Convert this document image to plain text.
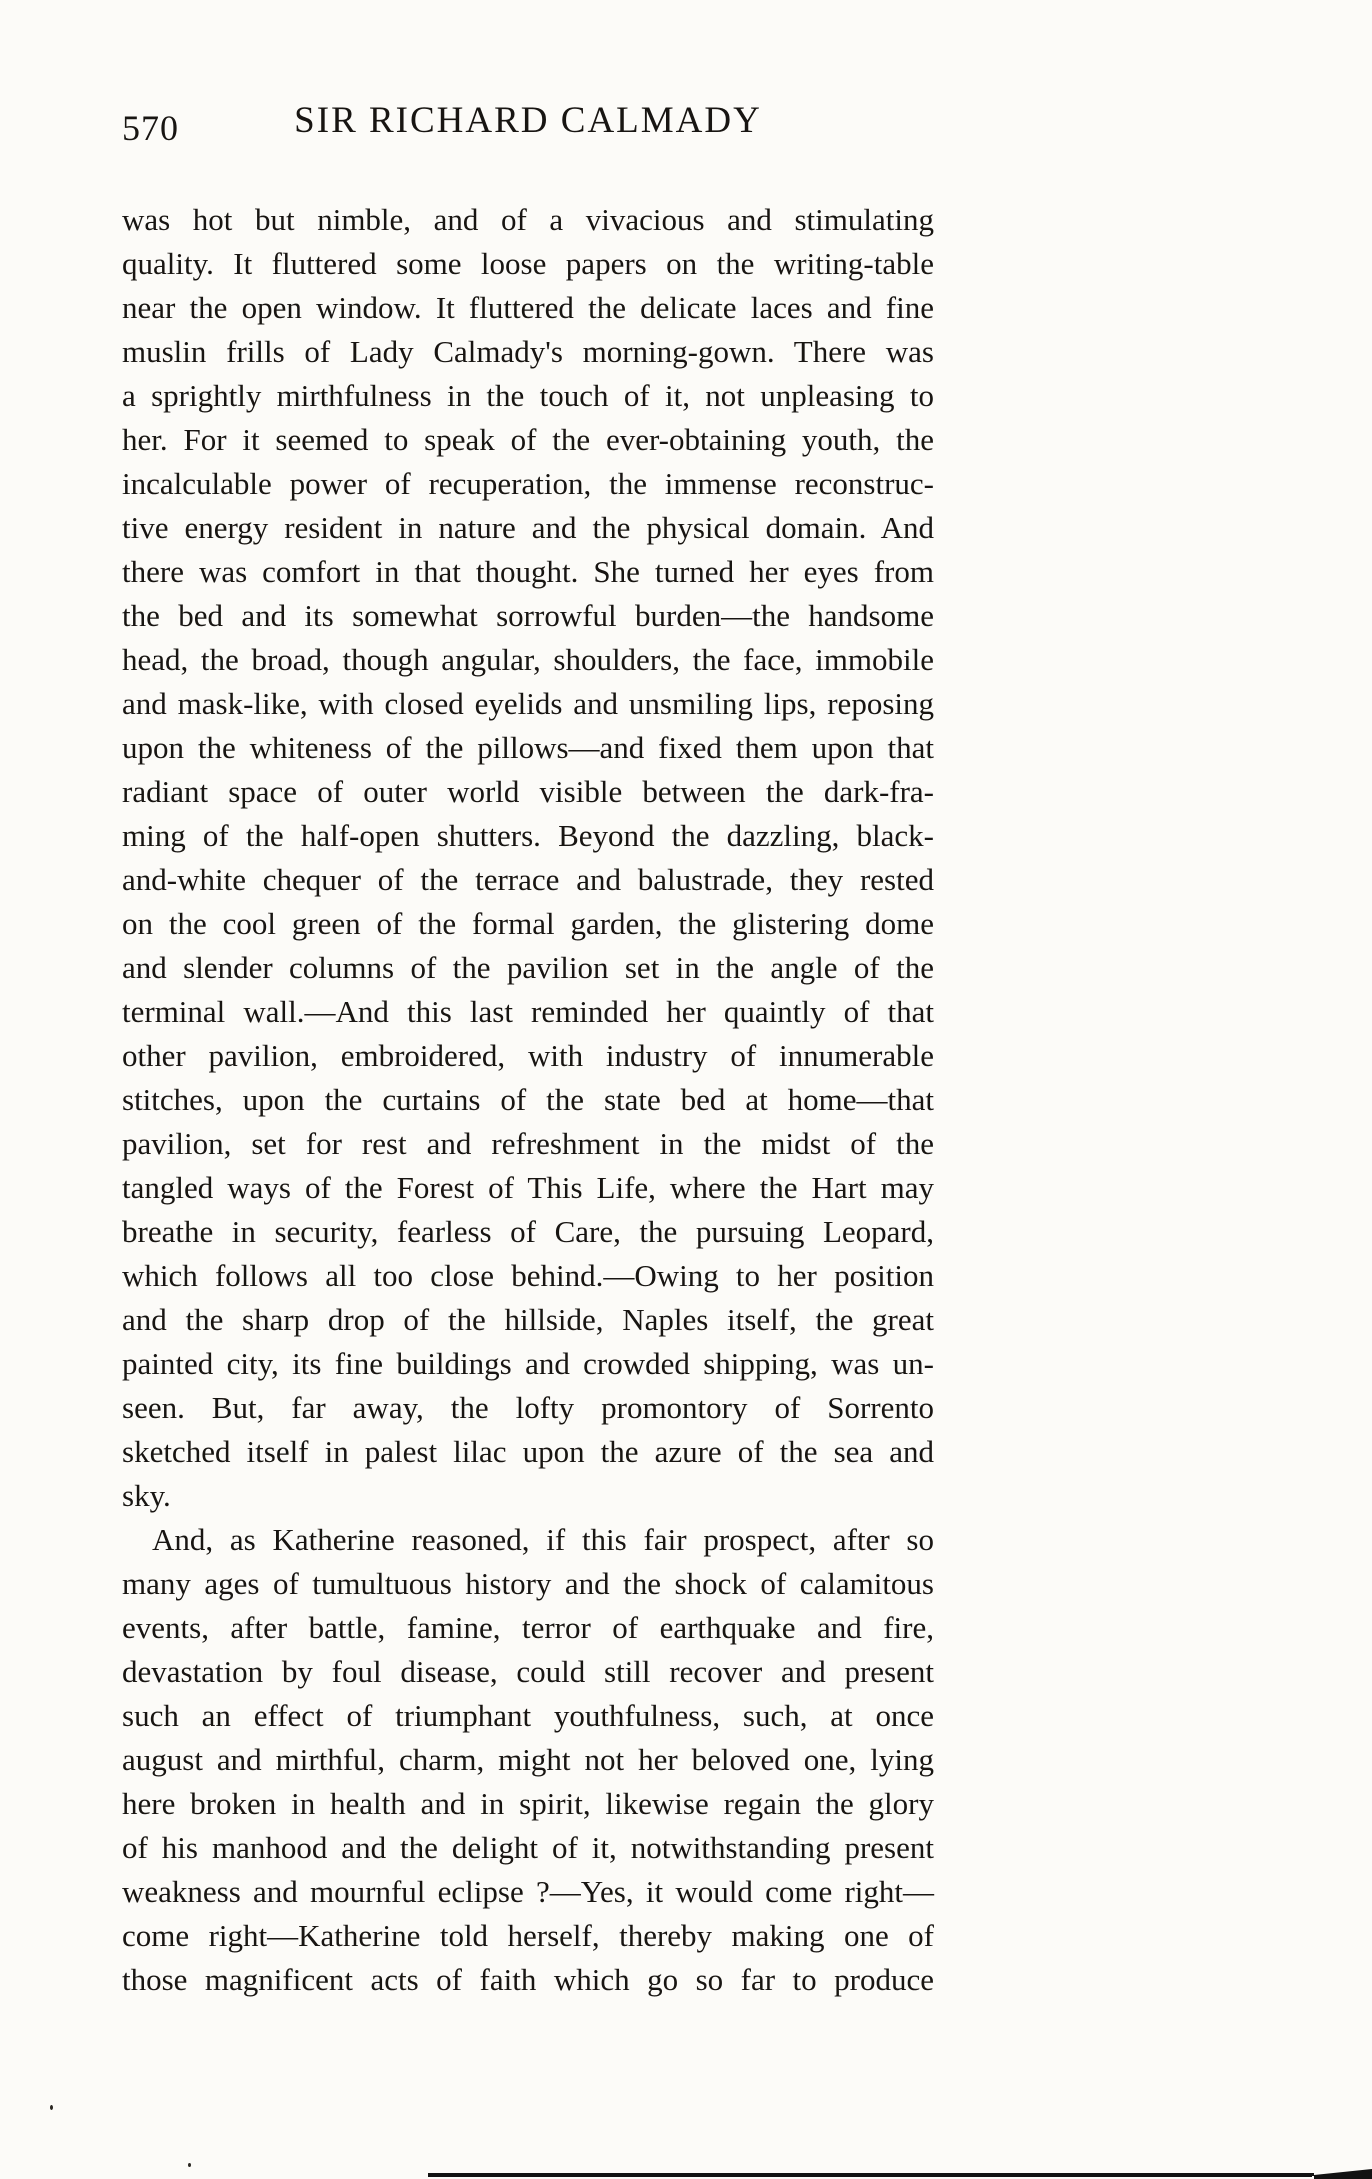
570	SIR RICHARD CALMADY
was hot but nimble, and of a vivacious and stimulating
quality. It fluttered some loose papers on the writing-table
near the open window. It fluttered the delicate laces and fine
muslin frills of Lady Calmady's morning-gown. There was
a sprightly mirthfulness in the touch of it, not unpleasing to
her. For it seemed to speak of the ever-obtaining youth, the
incalculable power of recuperation, the immense reconstruc-
tive energy resident in nature and the physical domain. And
there was comfort in that thought. She turned her eyes from
the bed and its somewhat sorrowful burden—the handsome
head, the broad, though angular, shoulders, the face, immobile
and mask-like, with closed eyelids and unsmiling lips, reposing
upon the whiteness of the pillows—and fixed them upon that
radiant space of outer world visible between the dark-fra-
ming of the half-open shutters. Beyond the dazzling, black-
and-white chequer of the terrace and balustrade, they rested
on the cool green of the formal garden, the glistering dome
and slender columns of the pavilion set in the angle of the
terminal wall.—And this last reminded her quaintly of that
other pavilion, embroidered, with industry of innumerable
stitches, upon the curtains of the state bed at home—that
pavilion, set for rest and refreshment in the midst of the
tangled ways of the Forest of This Life, where the Hart may
breathe in security, fearless of Care, the pursuing Leopard,
which follows all too close behind.—Owing to her position
and the sharp drop of the hillside, Naples itself, the great
painted city, its fine buildings and crowded shipping, was un-
seen. But, far away, the lofty promontory of Sorrento
sketched itself in palest lilac upon the azure of the sea and
sky.
And, as Katherine reasoned, if this fair prospect, after so
many ages of tumultuous history and the shock of calamitous
events, after battle, famine, terror of earthquake and fire,
devastation by foul disease, could still recover and present
such an effect of triumphant youthfulness, such, at once
august and mirthful, charm, might not her beloved one, lying
here broken in health and in spirit, likewise regain the glory
of his manhood and the delight of it, notwithstanding present
weakness and mournful eclipse ?—Yes, it would come right—
come right—Katherine told herself, thereby making one of
those magnificent acts of faith which go so far to produce
